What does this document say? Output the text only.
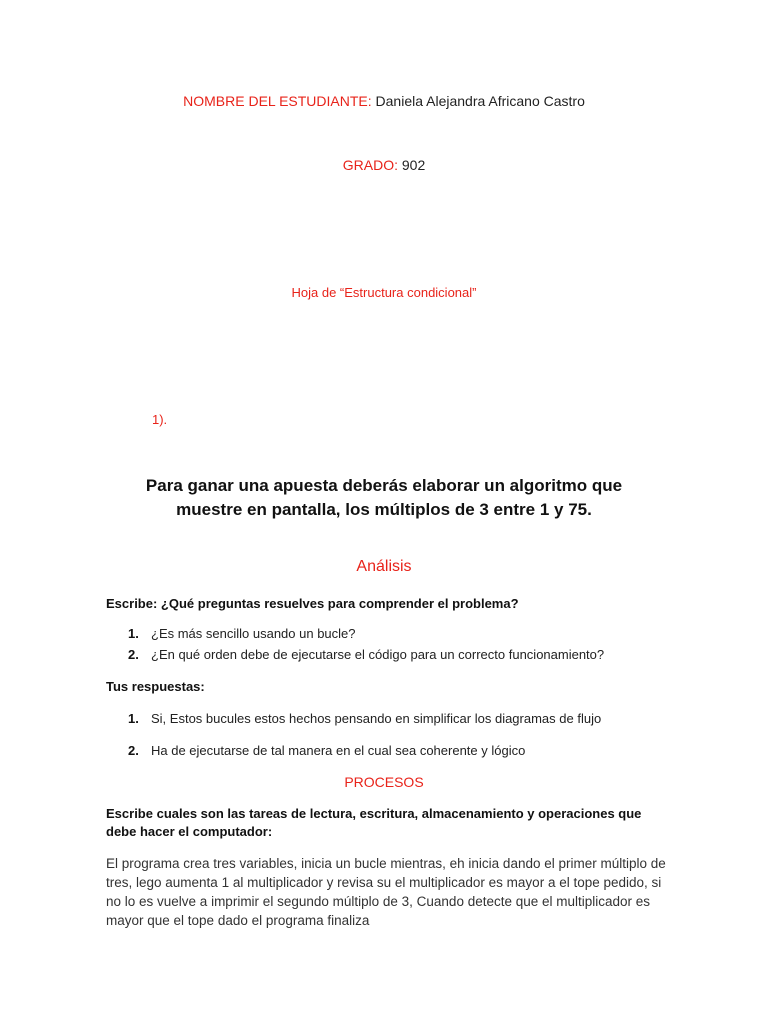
NOMBRE DEL ESTUDIANTE: Daniela Alejandra Africano Castro
GRADO: 902
Hoja de “Estructura condicional”
1).
Para ganar una apuesta deberás elaborar un algoritmo que muestre en pantalla, los múltiplos de 3 entre 1 y 75.
Análisis
Escribe: ¿Qué preguntas resuelves para comprender el problema?
1. ¿Es más sencillo usando un bucle?
2. ¿En qué orden debe de ejecutarse el código para un correcto funcionamiento?
Tus respuestas:
1. Si, Estos bucules estos hechos pensando en simplificar los diagramas de flujo
2. Ha de ejecutarse de tal manera en el cual sea coherente y lógico
PROCESOS
Escribe cuales son las tareas de lectura, escritura, almacenamiento y operaciones que debe hacer el computador:
El programa crea tres variables, inicia un bucle mientras, eh inicia dando el primer múltiplo de tres, lego aumenta 1 al multiplicador y revisa su el multiplicador es mayor a el tope pedido, si no lo es vuelve a imprimir el segundo múltiplo de 3, Cuando detecte que el multiplicador es mayor que el tope dado el programa finaliza
